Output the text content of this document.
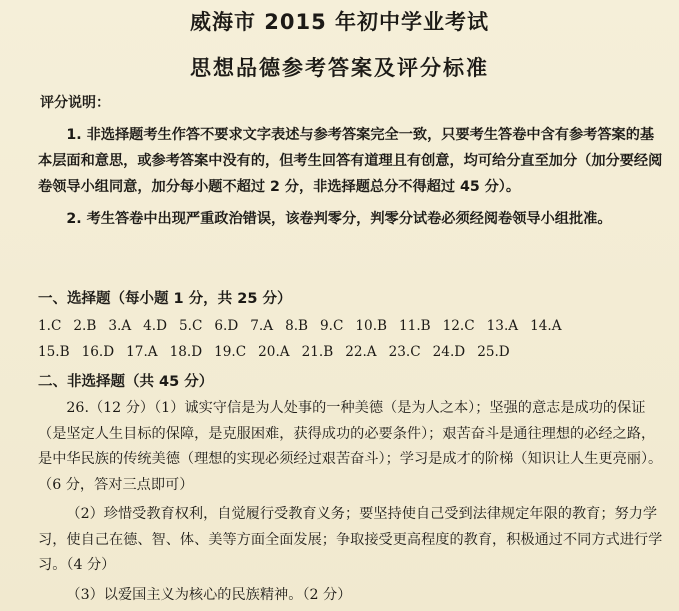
威海市 2015 年初中学业考试
思想品德参考答案及评分标准
评分说明：

1. 非选择题考生作答不要求文字表述与参考答案完全一致，只要考生答卷中含有参考答案的基本层面和意思，或参考答案中没有的，但考生回答有道理且有创意，均可给分直至加分（加分要经阅卷领导小组同意，加分每小题不超过 2 分，非选择题总分不得超过 45 分）。

2. 考生答卷中出现严重政治错误，该卷判零分，判零分试卷必须经阅卷领导小组批准。

一、选择题（每小题 1 分，共 25 分）
1.C 2.B 3.A 4.D 5.C 6.D 7.A 8.B 9.C 10.B 11.B 12.C 13.A 14.A
15.B 16.D 17.A 18.D 19.C 20.A 21.B 22.A 23.C 24.D 25.D
二、非选择题（共 45 分）

26.（12 分）（1）诚实守信是为人处事的一种美德（是为人之本）；坚强的意志是成功的保证（是坚定人生目标的保障，是克服困难，获得成功的必要条件）；艰苦奋斗是通往理想的必经之路，是中华民族的传统美德（理想的实现必须经过艰苦奋斗）；学习是成才的阶梯（知识让人生更亮丽）。（6 分，答对三点即可）

（2）珍惜受教育权利，自觉履行受教育义务；要坚持使自己受到法律规定年限的教育；努力学习，使自己在德、智、体、美等方面全面发展；争取接受更高程度的教育，积极通过不同方式进行学习。（4 分）

（3）以爱国主义为核心的民族精神。（2 分）
